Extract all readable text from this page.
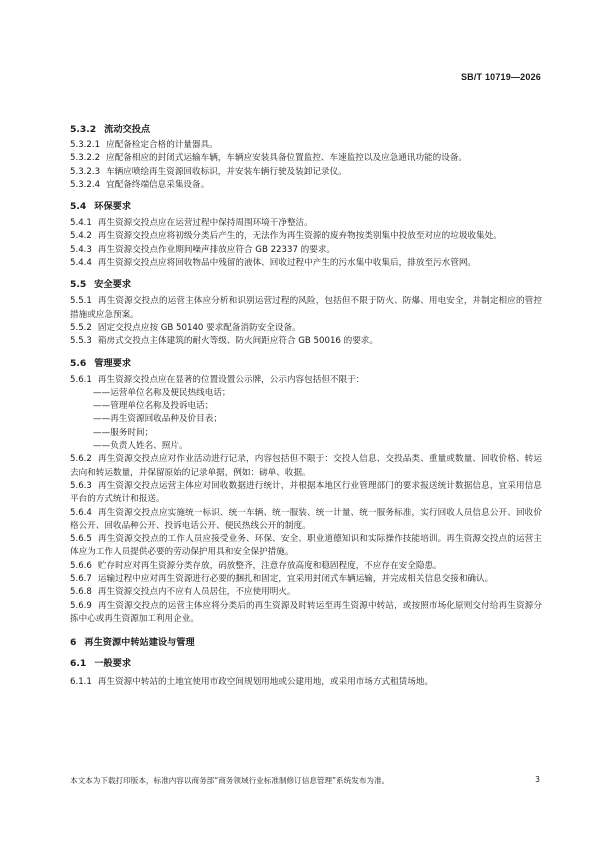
SB/T 10719—2026
5.3.2 流动交投点
5.3.2.1 应配备检定合格的计量器具。
5.3.2.2 应配备相应的封闭式运输车辆，车辆应安装具备位置监控、车速监控以及应急通讯功能的设备。
5.3.2.3 车辆应喷绘再生资源回收标识，并安装车辆行驶及装卸记录仪。
5.3.2.4 宜配备终端信息采集设备。
5.4 环保要求
5.4.1 再生资源交投点应在运营过程中保持周围环境干净整洁。
5.4.2 再生资源交投点应将初级分类后产生的，无法作为再生资源的废弃物按类别集中投放至对应的垃圾收集处。
5.4.3 再生资源交投点作业期间噪声排放应符合 GB 22337 的要求。
5.4.4 再生资源交投点应将回收物品中残留的液体、回收过程中产生的污水集中收集后，排放至污水管网。
5.5 安全要求
5.5.1 再生资源交投点的运营主体应分析和识别运营过程的风险，包括但不限于防火、防爆、用电安全，并制定相应的管控措施或应急预案。
5.5.2 固定交投点应按 GB 50140 要求配备消防安全设备。
5.5.3 箱房式交投点主体建筑的耐火等级、防火间距应符合 GB 50016 的要求。
5.6 管理要求
5.6.1 再生资源交投点应在显著的位置设置公示牌，公示内容包括但不限于：
——运营单位名称及便民热线电话；
——管理单位名称及投诉电话；
——再生资源回收品种及价目表；
——服务时间；
——负责人姓名、照片。
5.6.2 再生资源交投点应对作业活动进行记录，内容包括但不限于：交投人信息、交投品类、重量或数量、回收价格、转运去向和转运数量，并保留原始的记录单据，例如：磅单、收据。
5.6.3 再生资源交投点运营主体应对回收数据进行统计，并根据本地区行业管理部门的要求报送统计数据信息，宜采用信息平台的方式统计和报送。
5.6.4 再生资源交投点应实施统一标识、统一车辆、统一服装、统一计量、统一服务标准，实行回收人员信息公开、回收价格公开、回收品种公开、投诉电话公开、便民热线公开的制度。
5.6.5 再生资源交投点的工作人员应接受业务、环保、安全、职业道德知识和实际操作技能培训。再生资源交投点的运营主体应为工作人员提供必要的劳动保护用具和安全保护措施。
5.6.6 贮存时应对再生资源分类存放，码放整齐，注意存放高度和稳固程度，不应存在安全隐患。
5.6.7 运输过程中应对再生资源进行必要的捆扎和固定，宜采用封闭式车辆运输，并完成相关信息交接和确认。
5.6.8 再生资源交投点内不应有人员居住，不应使用明火。
5.6.9 再生资源交投点的运营主体应将分类后的再生资源及时转运至再生资源中转站，或按照市场化原则交付给再生资源分拣中心或再生资源加工利用企业。
6 再生资源中转站建设与管理
6.1 一般要求
6.1.1 再生资源中转站的土地宜使用市政空间规划用地或公建用地，或采用市场方式租赁场地。
本文本为下载打印版本，标准内容以商务部“商务领域行业标准制修订信息管理”系统发布为准。	3
